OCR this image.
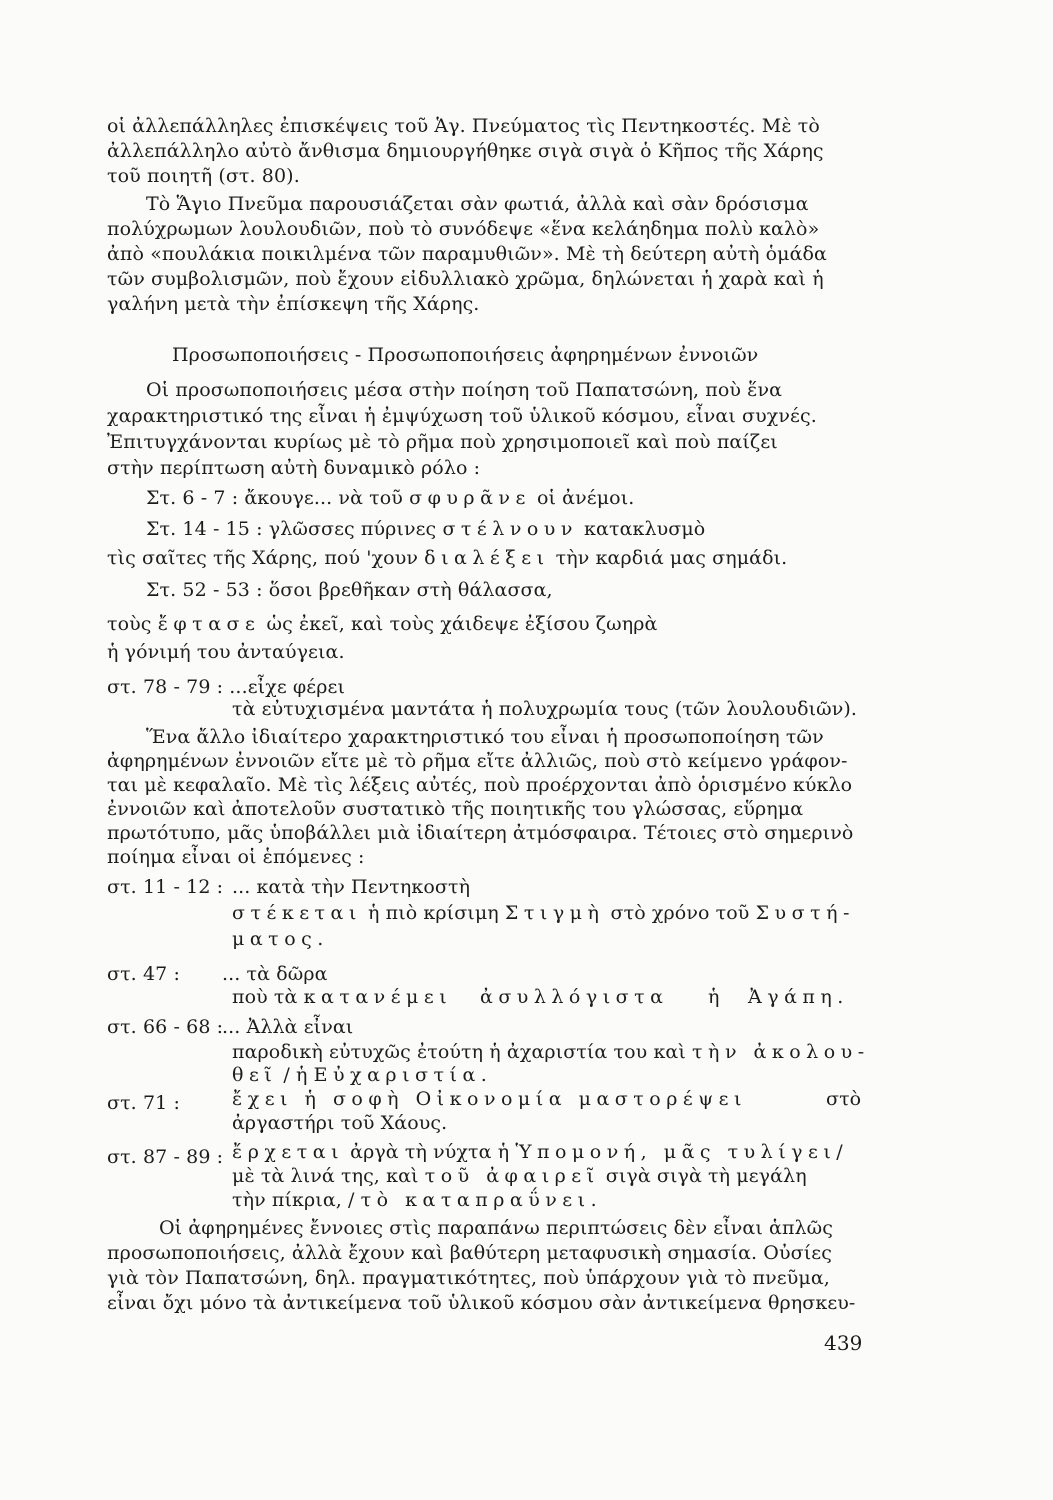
οἱ ἀλλεπάλληλες ἐπισκέψεις τοῦ Ἁγ. Πνεύματος τὶς Πεντηκοστές. Μὲ τὸ
ἀλλεπάλληλο αὐτὸ ἄνθισμα δημιουργήθηκε σιγὰ σιγὰ ὁ Κῆπος τῆς Χάρης
τοῦ ποιητῆ (στ. 80).
Τὸ Ἅγιο Πνεῦμα παρουσιάζεται σὰν φωτιά, ἀλλὰ καὶ σὰν δρόσισμα
πολύχρωμων λουλουδιῶν, ποὺ τὸ συνόδεψε «ἕνα κελάηδημα πολὺ καλὸ»
ἀπὸ «πουλάκια ποικιλμένα τῶν παραμυθιῶν». Μὲ τὴ δεύτερη αὐτὴ ὁμάδα
τῶν συμβολισμῶν, ποὺ ἔχουν εἰδυλλιακὸ χρῶμα, δηλώνεται ἡ χαρὰ καὶ ἡ
γαλήνη μετὰ τὴν ἐπίσκεψη τῆς Χάρης.
Προσωποποιήσεις - Προσωποποιήσεις ἀφηρημένων ἐννοιῶν
Οἱ προσωποποιήσεις μέσα στὴν ποίηση τοῦ Παπατσώνη, ποὺ ἕνα
χαρακτηριστικό της εἶναι ἡ ἐμψύχωση τοῦ ὑλικοῦ κόσμου, εἶναι συχνές.
Ἐπιτυγχάνονται κυρίως μὲ τὸ ρῆμα ποὺ χρησιμοποιεῖ καὶ ποὺ παίζει
στὴν περίπτωση αὐτὴ δυναμικὸ ρόλο :
Στ. 6 - 7 : ἄκουγε... νὰ τοῦ σφυρᾶνε οἱ ἀνέμοι.
Στ. 14 - 15 : γλῶσσες πύρινες στέλνουν κατακλυσμὸ
τὶς σαῖτες τῆς Χάρης, πού 'χουν διαλέξει τὴν καρδιά μας σημάδι.
Στ. 52 - 53 : ὅσοι βρεθῆκαν στὴ θάλασσα,
τοὺς ἔφτασε ὡς ἐκεῖ, καὶ τοὺς χάιδεψε ἐξίσου ζωηρὰ
ἡ γόνιμή του ἀνταύγεια.
στ. 78 - 79 : ...εἶχε φέρει
τὰ εὐτυχισμένα μαντάτα ἡ πολυχρωμία τους (τῶν λουλουδιῶν).
Ἕνα ἄλλο ἰδιαίτερο χαρακτηριστικό του εἶναι ἡ προσωποποίηση τῶν
ἀφηρημένων ἐννοιῶν εἴτε μὲ τὸ ρῆμα εἴτε ἀλλιῶς, ποὺ στὸ κείμενο γράφον-
ται μὲ κεφαλαῖο. Μὲ τὶς λέξεις αὐτές, ποὺ προέρχονται ἀπὸ ὁρισμένο κύκλο
ἐννοιῶν καὶ ἀποτελοῦν συστατικὸ τῆς ποιητικῆς του γλώσσας, εὕρημα
πρωτότυπο, μᾶς ὑποβάλλει μιὰ ἰδιαίτερη ἀτμόσφαιρα. Τέτοιες στὸ σημερινὸ
ποίημα εἶναι οἱ ἑπόμενες :
στ. 11 - 12 : ... κατὰ τὴν Πεντηκοστὴ
στέκεται ἡ πιὸ κρίσιμη Στιγμὴ στὸ χρόνο τοῦ Συστή-
ματος.
στ. 47 : ... τὰ δῶρα
ποὺ τὰ κατανέμει ἀσυλλόγιστα ἡ Ἀγάπη.
στ. 66 - 68 :
... Ἀλλὰ εἶναι
παροδικὴ εὐτυχῶς ἐτούτη ἡ ἀχαριστία του καὶ τὴν ἀκολου-
θεῖ / ἡ Εὐχαριστία.
στ. 71 :	ἔχει ἡ σοφὴ Οἰκονομία μαστορέψει	στὸ
ἀργαστήρι τοῦ Χάους.
στ. 87 - 89 : ἔρχεται ἀργὰ τὴ νύχτα ἡ Ὑπομονή, μᾶς τυλίγει/
μὲ τὰ λινά της, καὶ τοῦ ἀφαιρεῖ σιγὰ σιγὰ τὴ μεγάλη
τὴν πίκρια, / τὸ καταπραΰνει.
Οἱ ἀφηρημένες ἔννοιες στὶς παραπάνω περιπτώσεις δὲν εἶναι ἁπλῶς
προσωποποιήσεις, ἀλλὰ ἔχουν καὶ βαθύτερη μεταφυσικὴ σημασία. Οὐσίες
γιὰ τὸν Παπατσώνη, δηλ. πραγματικότητες, ποὺ ὑπάρχουν γιὰ τὸ πνεῦμα,
εἶναι ὄχι μόνο τὰ ἀντικείμενα τοῦ ὑλικοῦ κόσμου σὰν ἀντικείμενα θρησκευ-
439
